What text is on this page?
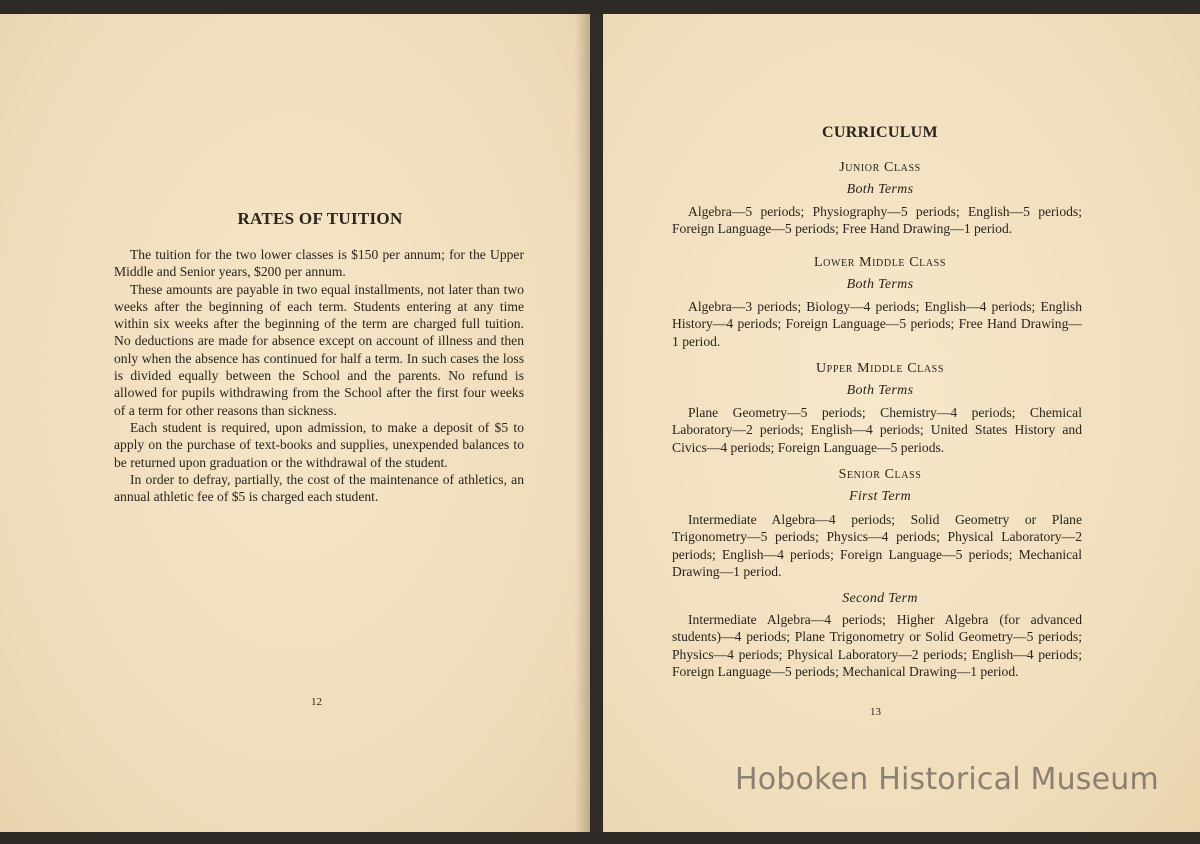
RATES OF TUITION

The tuition for the two lower classes is $150 per annum; for the Upper Middle and Senior years, $200 per annum.

These amounts are payable in two equal installments, not later than two weeks after the beginning of each term. Students entering at any time within six weeks after the beginning of the term are charged full tuition. No deductions are made for absence except on account of illness and then only when the absence has continued for half a term. In such cases the loss is divided equally between the School and the parents. No refund is allowed for pupils withdrawing from the School after the first four weeks of a term for other reasons than sickness.

Each student is required, upon admission, to make a deposit of $5 to apply on the purchase of text-books and supplies, unexpended balances to be returned upon graduation or the withdrawal of the student.

In order to defray, partially, the cost of the maintenance of athletics, an annual athletic fee of $5 is charged each student.

12
CURRICULUM
Junior Class
Both Terms

Algebra—5 periods; Physiography—5 periods; English—5 periods; Foreign Language—5 periods; Free Hand Drawing—1 period.

Lower Middle Class
Both Terms

Algebra—3 periods; Biology—4 periods; English—4 periods; English History—4 periods; Foreign Language—5 periods; Free Hand Drawing—1 period.

Upper Middle Class
Both Terms

Plane Geometry—5 periods; Chemistry—4 periods; Chemical Laboratory—2 periods; English—4 periods; United States History and Civics—4 periods; Foreign Language—5 periods.

Senior Class
First Term

Intermediate Algebra—4 periods; Solid Geometry or Plane Trigonometry—5 periods; Physics—4 periods; Physical Laboratory—2 periods; English—4 periods; Foreign Language—5 periods; Mechanical Drawing—1 period.

Second Term

Intermediate Algebra—4 periods; Higher Algebra (for advanced students)—4 periods; Plane Trigonometry or Solid Geometry—5 periods; Physics—4 periods; Physical Laboratory—2 periods; English—4 periods; Foreign Language—5 periods; Mechanical Drawing—1 period.

13
Hoboken Historical Museum
